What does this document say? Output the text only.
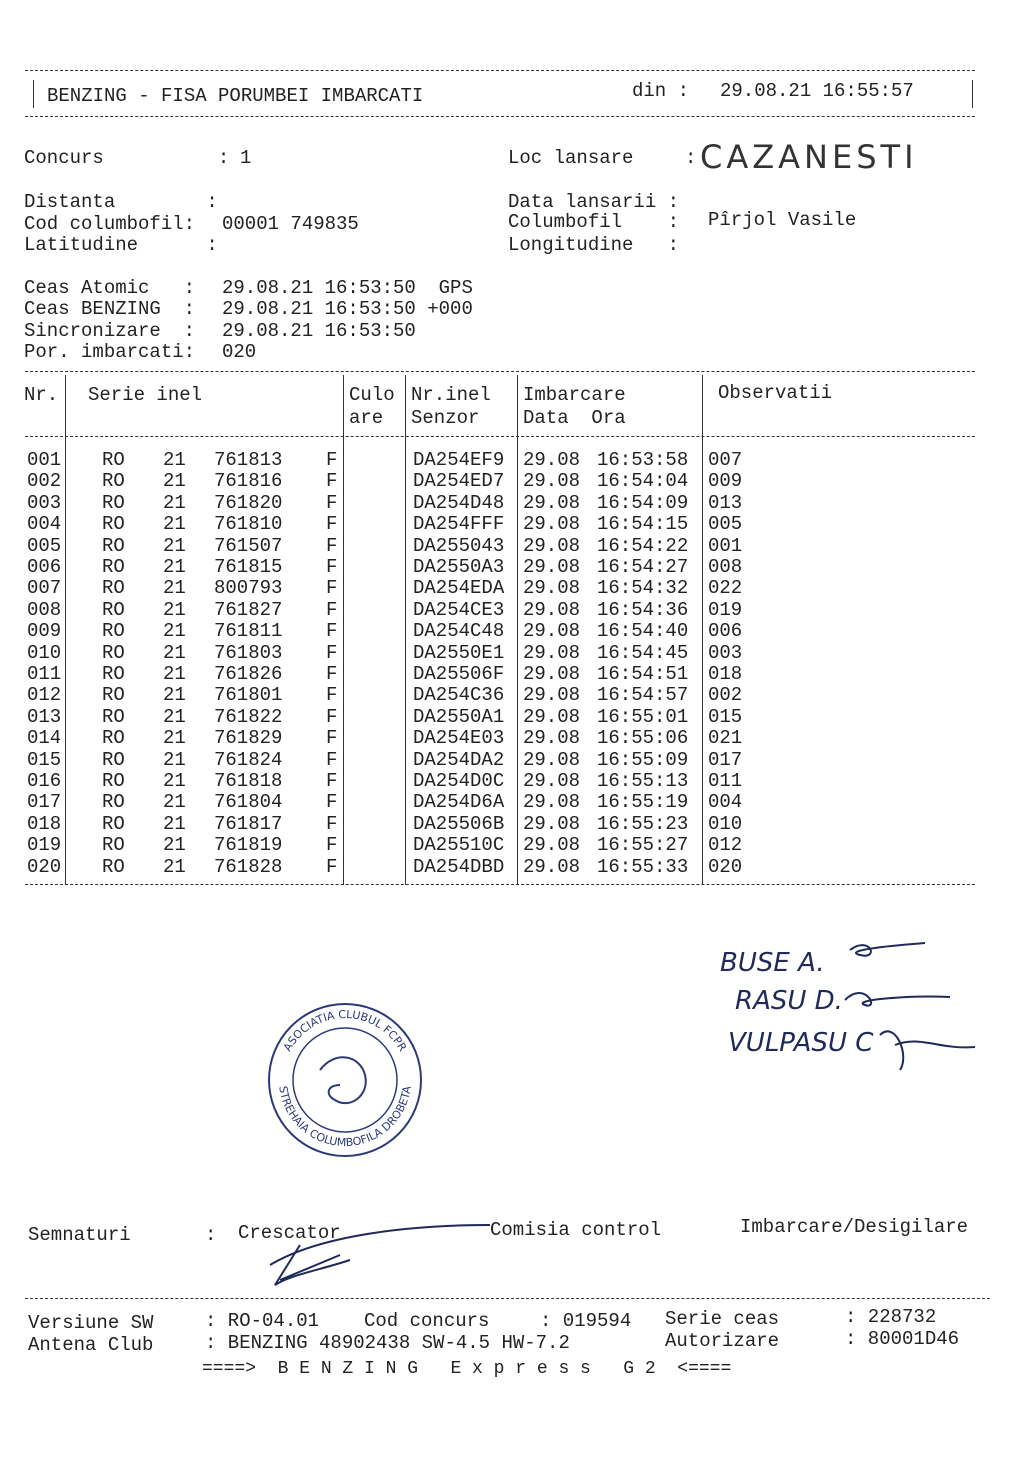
BENZING - FISA PORUMBEI IMBARCATI	din : 29.08.21 16:55:57
Concurs          : 1	Loc lansare	: CAZANESTI
Distanta        :	Data lansarii :
Cod columbofil: 00001 749835	Columbofil    : Pîrjol Vasile
Latitudine      :	Longitudine   :
Ceas Atomic   : 29.08.21 16:53:50  GPS
Ceas BENZING  : 29.08.21 16:53:50 +000
Sincronizare  : 29.08.21 16:53:50
Por. imbarcati: 020
Nr. Serie inel	Culo
are
Nr.inel
Senzor
Imbarcare
Data  Ora
Observatii
001 RO 21 761813 F	DA254EF9 29.08 16:53:58 007
002 RO 21 761816 F	DA254ED7 29.08 16:54:04 009
003 RO 21 761820 F	DA254D48 29.08 16:54:09 013
004 RO 21 761810 F	DA254FFF 29.08 16:54:15 005
005 RO 21 761507 F	DA255043 29.08 16:54:22 001
006 RO 21 761815 F	DA2550A3 29.08 16:54:27 008
007 RO 21 800793 F	DA254EDA 29.08 16:54:32 022
008 RO 21 761827 F	DA254CE3 29.08 16:54:36 019
009 RO 21 761811 F	DA254C48 29.08 16:54:40 006
010 RO 21 761803 F	DA2550E1 29.08 16:54:45 003
011 RO 21 761826 F	DA25506F 29.08 16:54:51 018
012 RO 21 761801 F	DA254C36 29.08 16:54:57 002
013 RO 21 761822 F	DA2550A1 29.08 16:55:01 015
014 RO 21 761829 F	DA254E03 29.08 16:55:06 021
015 RO 21 761824 F	DA254DA2 29.08 16:55:09 017
016 RO 21 761818 F	DA254D0C 29.08 16:55:13 011
017 RO 21 761804 F	DA254D6A 29.08 16:55:19 004
018 RO 21 761817 F	DA25506B 29.08 16:55:23 010
019 RO 21 761819 F	DA25510C 29.08 16:55:27 012
020 RO 21 761828 F	DA254DBD 29.08 16:55:33 020
BUSE A.
RASU D.
VULPASU C
ASOCIATIA CLUBUL FCPR
STREHAIA COLUMBOFILA DROBETA
Semnaturi	: Crescator	Comisia control	Imbarcare/Desigilare
Versiune SW	: RO-04.01 Cod concurs	: 019594 Serie ceas	: 228732
Antena Club	: BENZING 48902438 SW-4.5 HW-7.2	Autorizare	: 80001D46
====>  B E N Z I N G   E x p r e s s   G 2  <====
